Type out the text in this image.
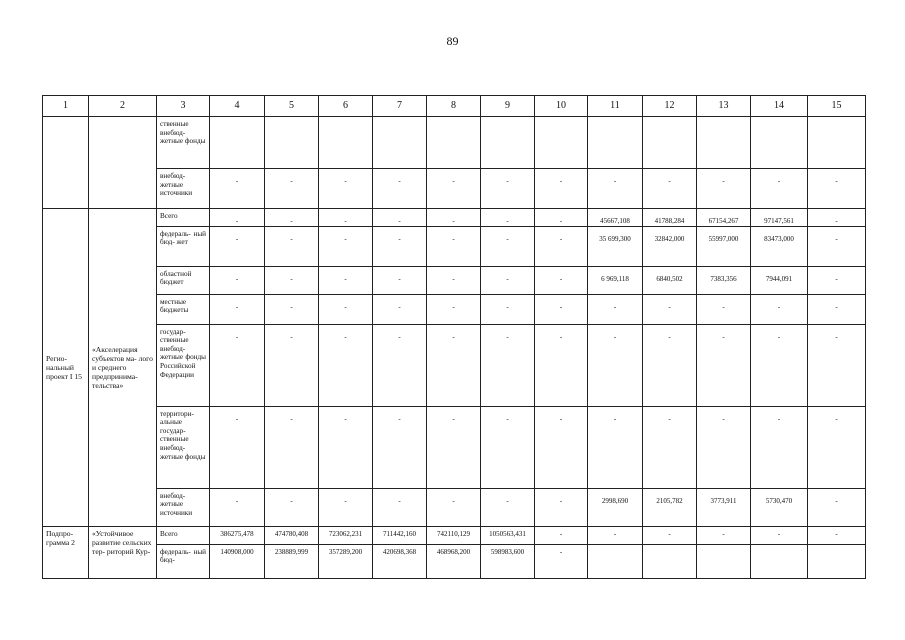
89
1	2	3	4	5	6	7	8	9	10	11	12	13	14	15
		ственные внебюд- жетные фонды												
		внебюд- жетные источники	-	-	-	-	-	-	-	-	-	-	-	-
Регио- нальный проект I 15	«Акселерация субъектов ма- лого и среднего предпринима- тельства»	Всего	-	-	-	-	-	-	-	45667,108	41788,284	67154,267	97147,561	-
		федераль- ный бюд- жет	-	-	-	-	-	-	-	35 699,300	32842,000	55997,000	83473,000	-
		областной бюджет	-	-	-	-	-	-	-	6 969,118	6840,502	7383,356	7944,091	-
		местные бюджеты	-	-	-	-	-	-	-	-	-	-	-	-
		государ- ственные внебюд- жетные фонды Российской Федерации	-	-	-	-	-	-	-	-	-	-	-	-
		территори- альные государ- ственные внебюд- жетные фонды	-	-	-	-	-	-	-	-	-	-	-	-
		внебюд- жетные источники	-	-	-	-	-	-	-	2998,690	2105,782	3773,911	5730,470	-
Подпро- грамма 2	«Устойчивое развитие сельских тер- риторий Кур-	Всего	386275,478	474780,408	723062,231	711442,160	742110,129	1050563,431	-	-	-	-	-	-
		федераль- ный бюд-	140908,000	238889,999	357289,200	420698,368	468968,200	598983,600	-					
